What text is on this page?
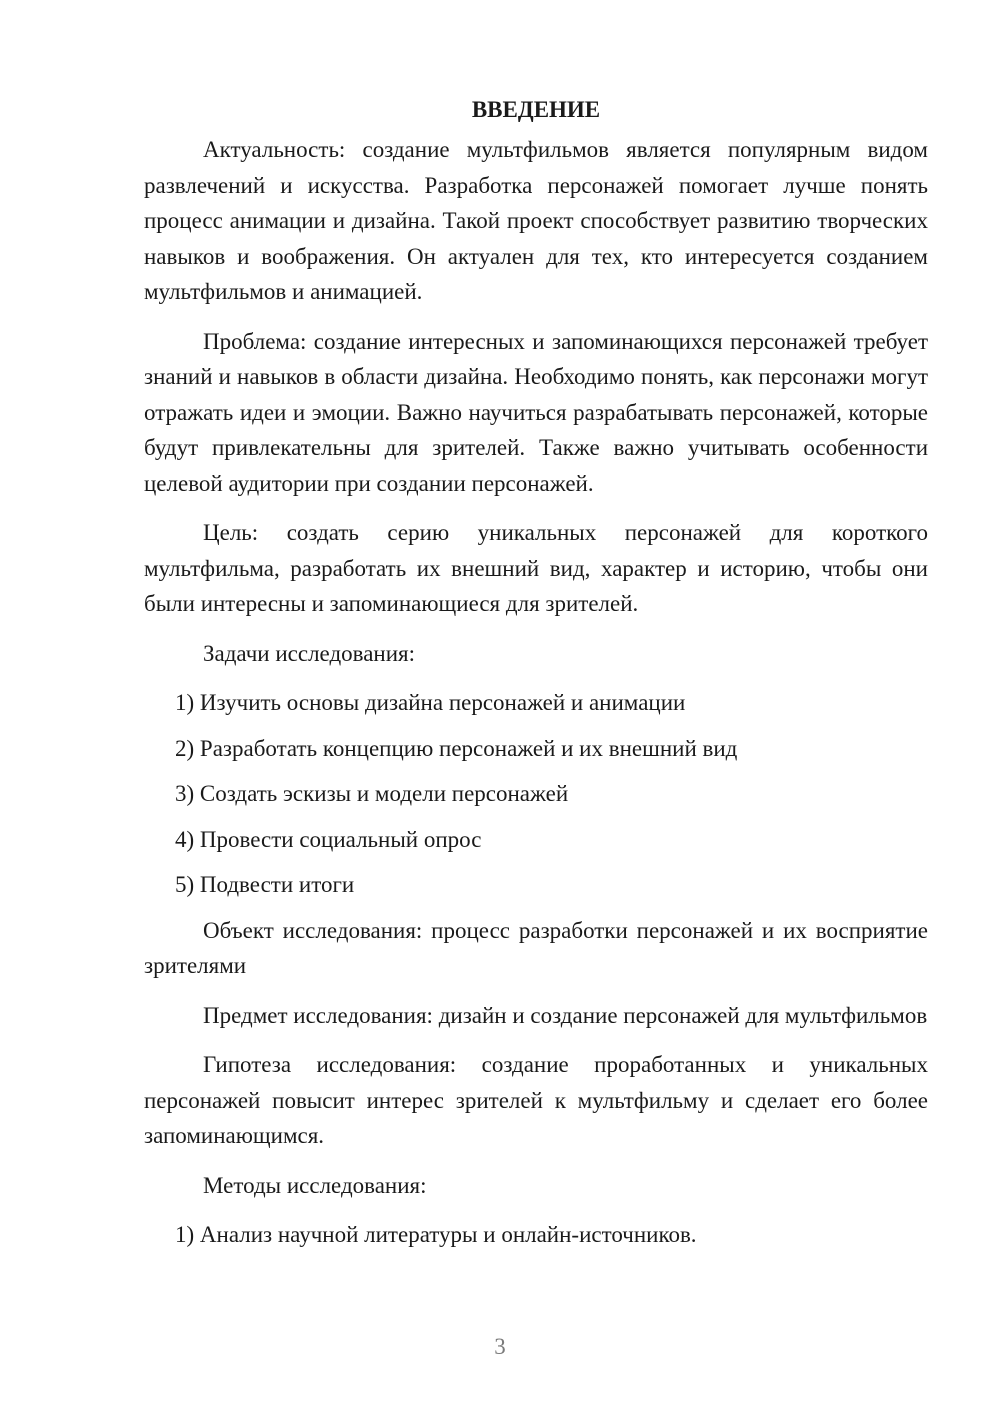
ВВЕДЕНИЕ

Актуальность: создание мультфильмов является популярным видом развлечений и искусства. Разработка персонажей помогает лучше понять процесс анимации и дизайна. Такой проект способствует развитию творческих навыков и воображения. Он актуален для тех, кто интересуется созданием мультфильмов и анимацией.

Проблема: создание интересных и запоминающихся персонажей требует знаний и навыков в области дизайна. Необходимо понять, как персонажи могут отражать идеи и эмоции. Важно научиться разрабатывать персонажей, которые будут привлекательны для зрителей. Также важно учитывать особенности целевой аудитории при создании персонажей.

Цель: создать серию уникальных персонажей для короткого мультфильма, разработать их внешний вид, характер и историю, чтобы они были интересны и запоминающиеся для зрителей.

Задачи исследования:

1) Изучить основы дизайна персонажей и анимации

2) Разработать концепцию персонажей и их внешний вид

3) Создать эскизы и модели персонажей

4) Провести социальный опрос

5) Подвести итоги

Объект исследования: процесс разработки персонажей и их восприятие зрителями

Предмет исследования: дизайн и создание персонажей для мультфильмов

Гипотеза исследования: создание проработанных и уникальных персонажей повысит интерес зрителей к мультфильму и сделает его более запоминающимся.

Методы исследования:

1) Анализ научной литературы и онлайн-источников.

3
